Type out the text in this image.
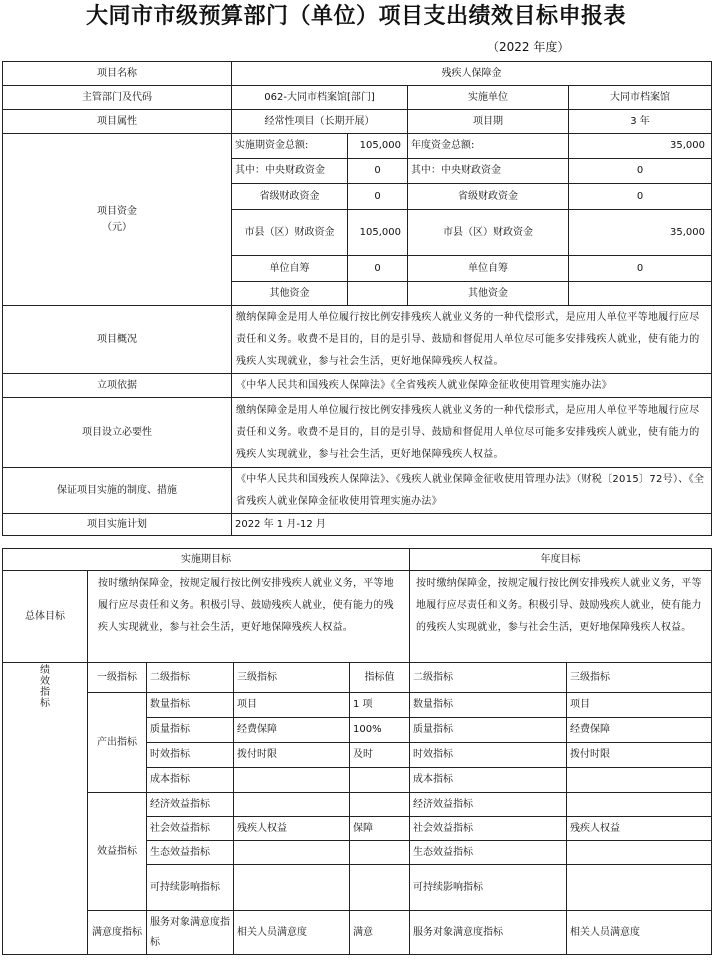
大同市市级预算部门（单位）项目支出绩效目标申报表
（2022 年度）
项目名称	残疾人保障金			
主管部门及代码	062-大同市档案馆[部门]		实施单位	大同市档案馆
项目属性	经常性项目（长期开展）		项目期	3 年

项目资金
（元）	实施期资金总额:	105,000	年度资金总额:	35,000
	其中：中央财政资金	0	其中：中央财政资金	0
	省级财政资金	0	省级财政资金	0
	市县（区）财政资金	105,000	市县（区）财政资金	35,000
	单位自筹	0	单位自筹	0
	其他资金		其他资金	
项目概况	缴纳保障金是用人单位履行按比例安排残疾人就业义务的一种代偿形式，是应用人单位平等地履行应尽责任和义务。收费不是目的，目的是引导、鼓励和督促用人单位尽可能多安排残疾人就业，使有能力的残疾人实现就业，参与社会生活，更好地保障残疾人权益。			
立项依据	《中华人民共和国残疾人保障法》《全省残疾人就业保障金征收使用管理实施办法》			
项目设立必要性	缴纳保障金是用人单位履行按比例安排残疾人就业义务的一种代偿形式，是应用人单位平等地履行应尽责任和义务。收费不是目的，目的是引导、鼓励和督促用人单位尽可能多安排残疾人就业，使有能力的残疾人实现就业，参与社会生活，更好地保障残疾人权益。			
保证项目实施的制度、措施	《中华人民共和国残疾人保障法》、《残疾人就业保障金征收使用管理办法》（财税〔2015〕72号）、《全省残疾人就业保障金征收使用管理实施办法》			
项目实施计划	2022 年 1 月-12 月			
实施期目标					年度目标	
总体目标	按时缴纳保障金，按规定履行按比例安排残疾人就业义务，平等地履行应尽责任和义务。积极引导、鼓励残疾人就业，使有能力的残疾人实现就业，参与社会生活，更好地保障残疾人权益。				按时缴纳保障金，按规定履行按比例安排残疾人就业义务，平等地履行应尽责任和义务。积极引导、鼓励残疾人就业，使有能力的残疾人实现就业，参与社会生活，更好地保障残疾人权益。	

绩效指标	一级指标	二级指标	三级指标	指标值	二级指标	三级指标
	产出指标	数量指标	项目	1 项	数量指标	项目
		质量指标	经费保障	100%	质量指标	经费保障
		时效指标	拨付时限	及时	时效指标	拨付时限
		成本指标			成本指标	
	效益指标	经济效益指标			经济效益指标	
		社会效益指标	残疾人权益	保障	社会效益指标	残疾人权益
		生态效益指标			生态效益指标	
		可持续影响指标			可持续影响指标	
	满意度指标	服务对象满意度指标	相关人员满意度	满意	服务对象满意度指标	相关人员满意度
